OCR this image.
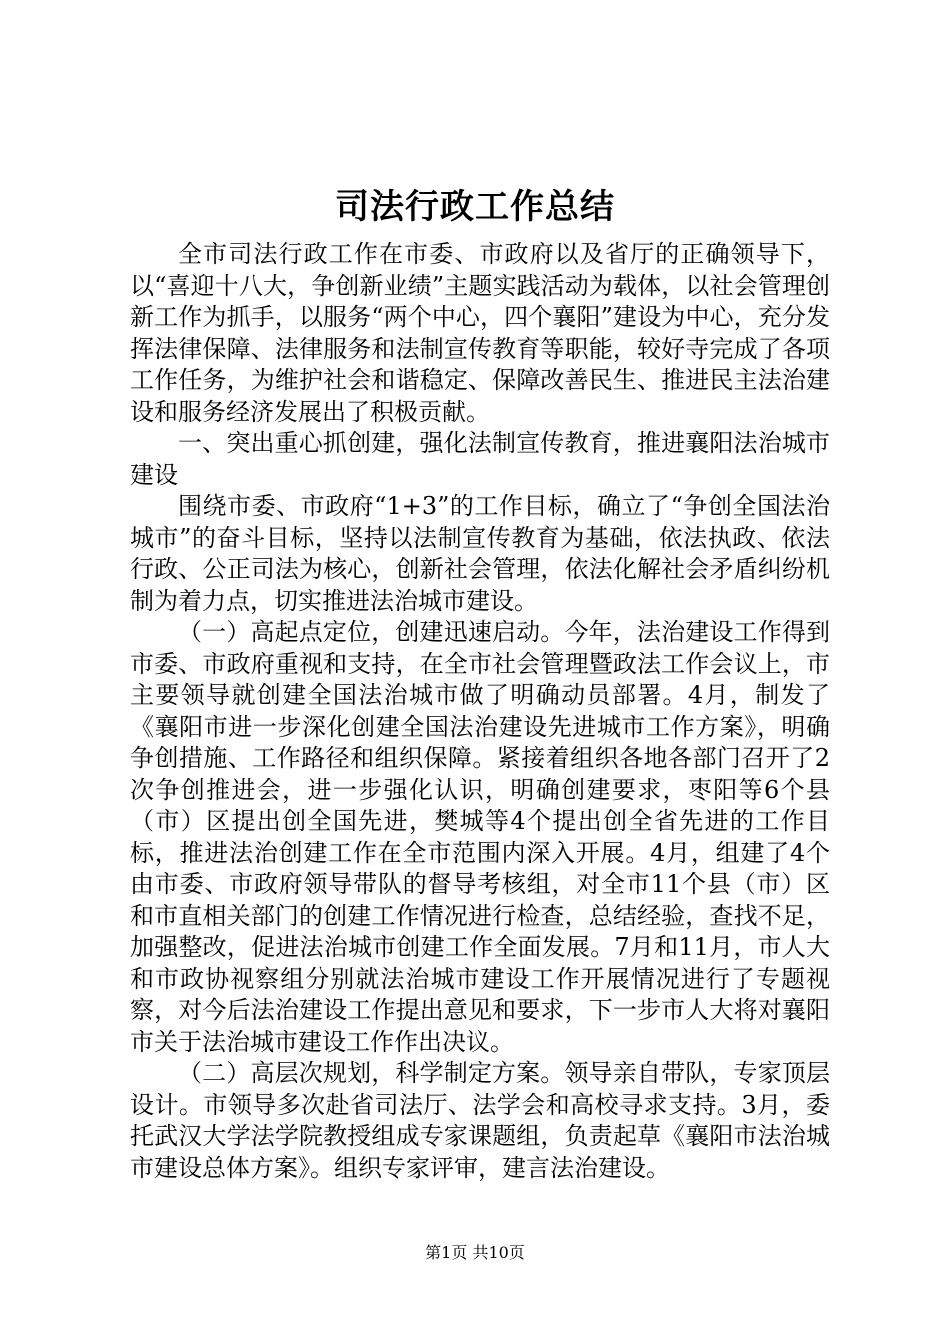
司法行政工作总结

全市司法行政工作在市委、市政府以及省厅的正确领导下，以“喜迎十八大，争创新业绩”主题实践活动为载体，以社会管理创新工作为抓手，以服务“两个中心，四个襄阳”建设为中心，充分发挥法律保障、法律服务和法制宣传教育等职能，较好寺完成了各项工作任务，为维护社会和谐稳定、保障改善民生、推进民主法治建设和服务经济发展出了积极贡献。

一、突出重心抓创建，强化法制宣传教育，推进襄阳法治城市建设

围绕市委、市政府“1+3”的工作目标，确立了“争创全国法治城市”的奋斗目标，坚持以法制宣传教育为基础，依法执政、依法行政、公正司法为核心，创新社会管理，依法化解社会矛盾纠纷机制为着力点，切实推进法治城市建设。

（一）高起点定位，创建迅速启动。今年，法治建设工作得到市委、市政府重视和支持，在全市社会管理暨政法工作会议上，市主要领导就创建全国法治城市做了明确动员部署。4月，制发了《襄阳市进一步深化创建全国法治建设先进城市工作方案》，明确争创措施、工作路径和组织保障。紧接着组织各地各部门召开了2次争创推进会，进一步强化认识，明确创建要求，枣阳等6个县（市）区提出创全国先进，樊城等4个提出创全省先进的工作目标，推进法治创建工作在全市范围内深入开展。4月，组建了4个由市委、市政府领导带队的督导考核组，对全市11个县（市）区和市直相关部门的创建工作情况进行检查，总结经验，查找不足，加强整改，促进法治城市创建工作全面发展。7月和11月，市人大和市政协视察组分别就法治城市建设工作开展情况进行了专题视察，对今后法治建设工作提出意见和要求，下一步市人大将对襄阳市关于法治城市建设工作作出决议。

（二）高层次规划，科学制定方案。领导亲自带队，专家顶层设计。市领导多次赴省司法厅、法学会和高校寻求支持。3月，委托武汉大学法学院教授组成专家课题组，负责起草《襄阳市法治城市建设总体方案》。组织专家评审，建言法治建设。

第1页 共10页
